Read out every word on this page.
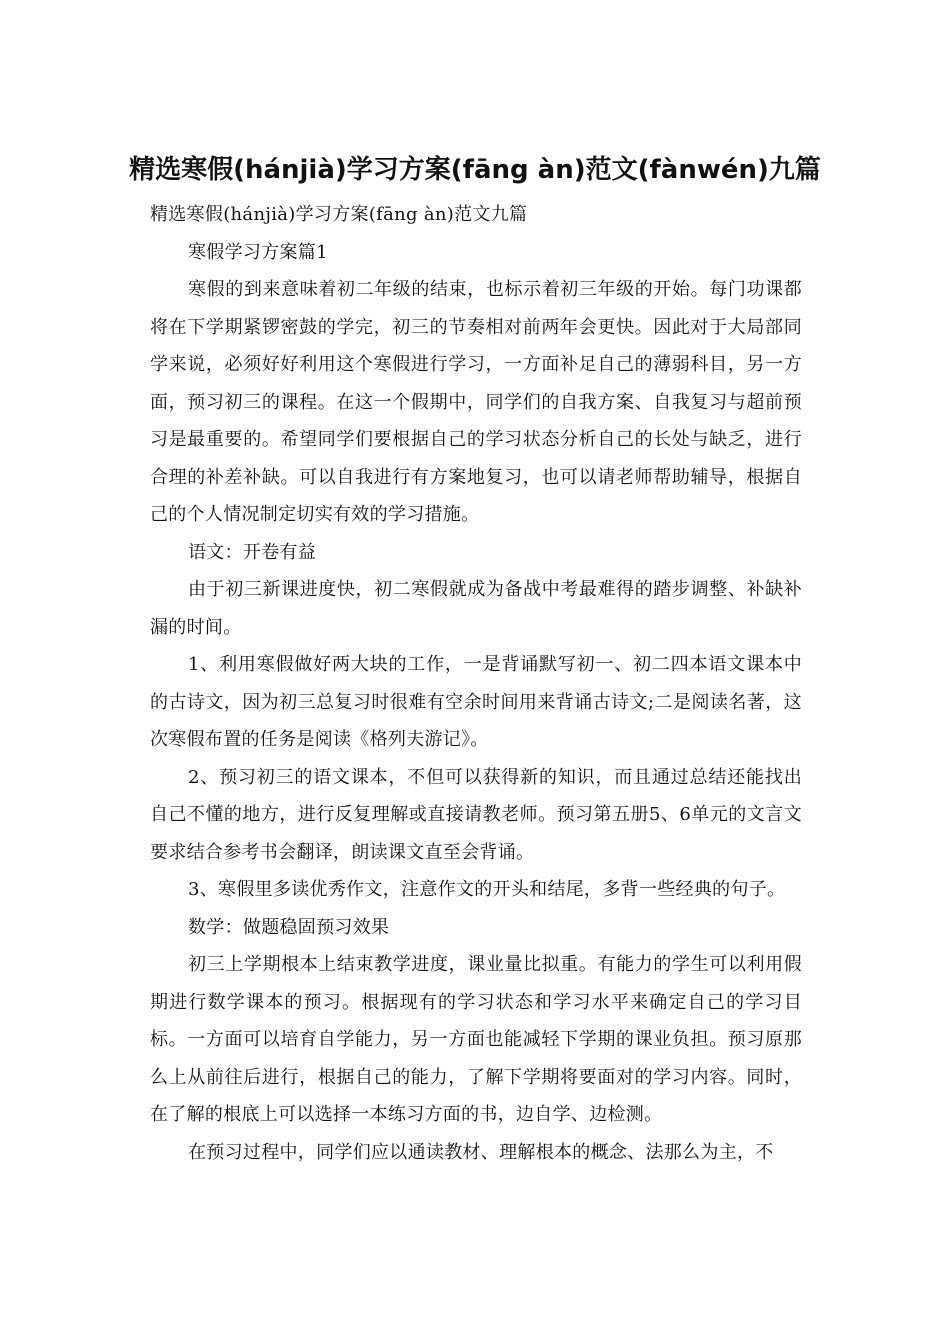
精选寒假(hánjià)学习方案(fāng àn)范文(fànwén)九篇

精选寒假(hánjià)学习方案(fāng àn)范文九篇

寒假学习方案篇1

寒假的到来意味着初二年级的结束，也标示着初三年级的开始。每门功课都将在下学期紧锣密鼓的学完，初三的节奏相对前两年会更快。因此对于大局部同学来说，必须好好利用这个寒假进行学习，一方面补足自己的薄弱科目，另一方面，预习初三的课程。在这一个假期中，同学们的自我方案、自我复习与超前预习是最重要的。希望同学们要根据自己的学习状态分析自己的长处与缺乏，进行合理的补差补缺。可以自我进行有方案地复习，也可以请老师帮助辅导，根据自己的个人情况制定切实有效的学习措施。

语文：开卷有益

由于初三新课进度快，初二寒假就成为备战中考最难得的踏步调整、补缺补漏的时间。

1、利用寒假做好两大块的工作，一是背诵默写初一、初二四本语文课本中的古诗文，因为初三总复习时很难有空余时间用来背诵古诗文;二是阅读名著，这次寒假布置的任务是阅读《格列夫游记》。

2、预习初三的语文课本，不但可以获得新的知识，而且通过总结还能找出自己不懂的地方，进行反复理解或直接请教老师。预习第五册5、6单元的文言文要求结合参考书会翻译，朗读课文直至会背诵。

3、寒假里多读优秀作文，注意作文的开头和结尾，多背一些经典的句子。

数学：做题稳固预习效果

初三上学期根本上结束教学进度，课业量比拟重。有能力的学生可以利用假期进行数学课本的预习。根据现有的学习状态和学习水平来确定自己的学习目标。一方面可以培育自学能力，另一方面也能减轻下学期的课业负担。预习原那么上从前往后进行，根据自己的能力，了解下学期将要面对的学习内容。同时，在了解的根底上可以选择一本练习方面的书，边自学、边检测。

在预习过程中，同学们应以通读教材、理解根本的概念、法那么为主，不
